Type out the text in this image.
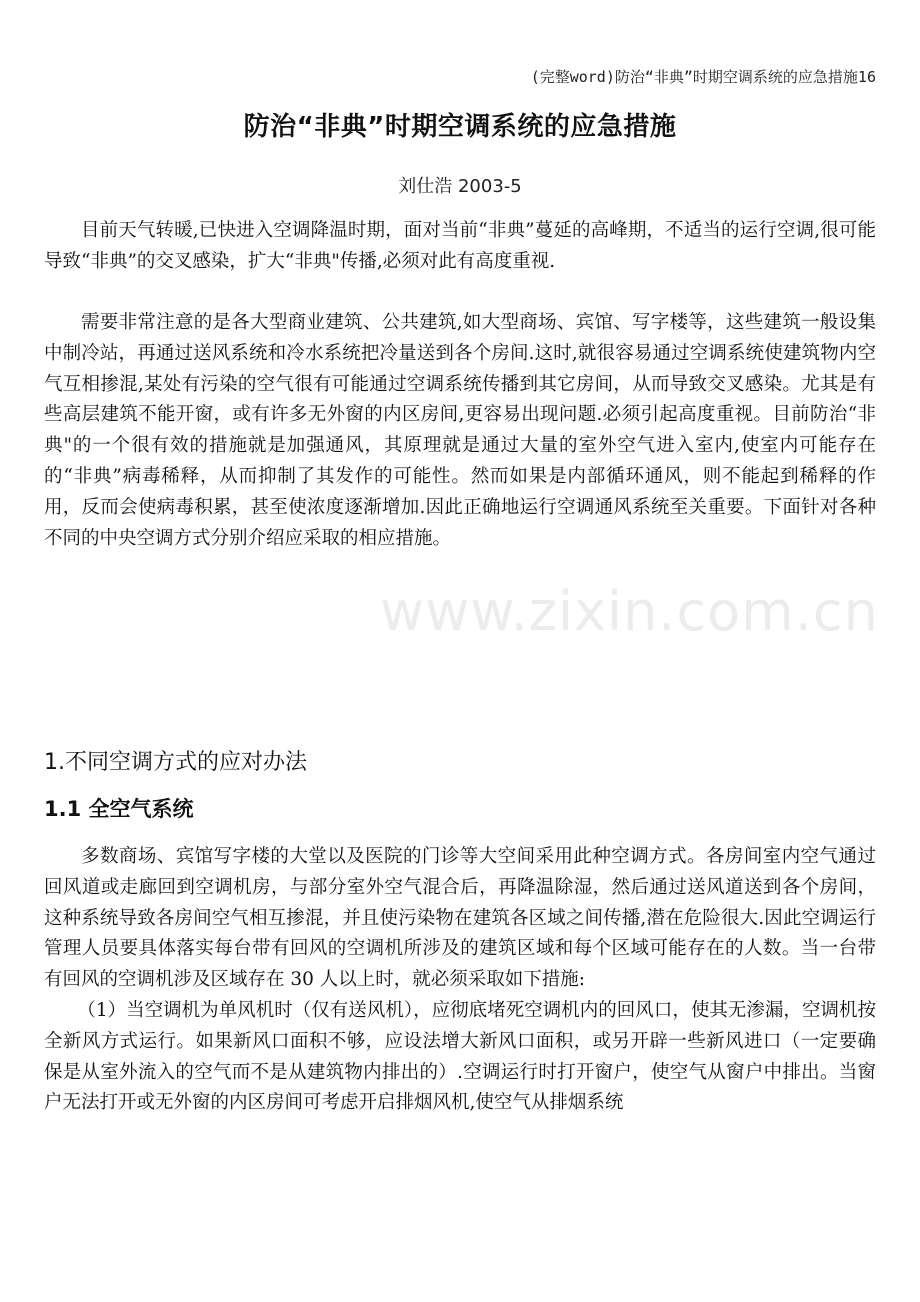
(完整word)防治“非典”时期空调系统的应急措施16
防治“非典”时期空调系统的应急措施
刘仕浩 2003-5

目前天气转暖,已快进入空调降温时期，面对当前“非典”蔓延的高峰期，不适当的运行空调,很可能导致“非典”的交叉感染，扩大“非典"传播,必须对此有高度重视.

需要非常注意的是各大型商业建筑、公共建筑,如大型商场、宾馆、写字楼等，这些建筑一般设集中制冷站，再通过送风系统和冷水系统把冷量送到各个房间.这时,就很容易通过空调系统使建筑物内空气互相掺混,某处有污染的空气很有可能通过空调系统传播到其它房间，从而导致交叉感染。尤其是有些高层建筑不能开窗，或有许多无外窗的内区房间,更容易出现问题.必须引起高度重视。目前防治“非典"的一个很有效的措施就是加强通风，其原理就是通过大量的室外空气进入室内,使室内可能存在的“非典”病毒稀释，从而抑制了其发作的可能性。然而如果是内部循环通风，则不能起到稀释的作用，反而会使病毒积累，甚至使浓度逐渐增加.因此正确地运行空调通风系统至关重要。下面针对各种不同的中央空调方式分别介绍应采取的相应措施。

1.不同空调方式的应对办法
1.1 全空气系统

多数商场、宾馆写字楼的大堂以及医院的门诊等大空间采用此种空调方式。各房间室内空气通过回风道或走廊回到空调机房，与部分室外空气混合后，再降温除湿，然后通过送风道送到各个房间，这种系统导致各房间空气相互掺混，并且使污染物在建筑各区域之间传播,潜在危险很大.因此空调运行管理人员要具体落实每台带有回风的空调机所涉及的建筑区域和每个区域可能存在的人数。当一台带有回风的空调机涉及区域存在 30 人以上时，就必须采取如下措施:

（1）当空调机为单风机时（仅有送风机），应彻底堵死空调机内的回风口，使其无渗漏，空调机按全新风方式运行。如果新风口面积不够，应设法增大新风口面积，或另开辟一些新风进口（一定要确保是从室外流入的空气而不是从建筑物内排出的）.空调运行时打开窗户，使空气从窗户中排出。当窗户无法打开或无外窗的内区房间可考虑开启排烟风机,使空气从排烟系统

www.zixin.com.cn
